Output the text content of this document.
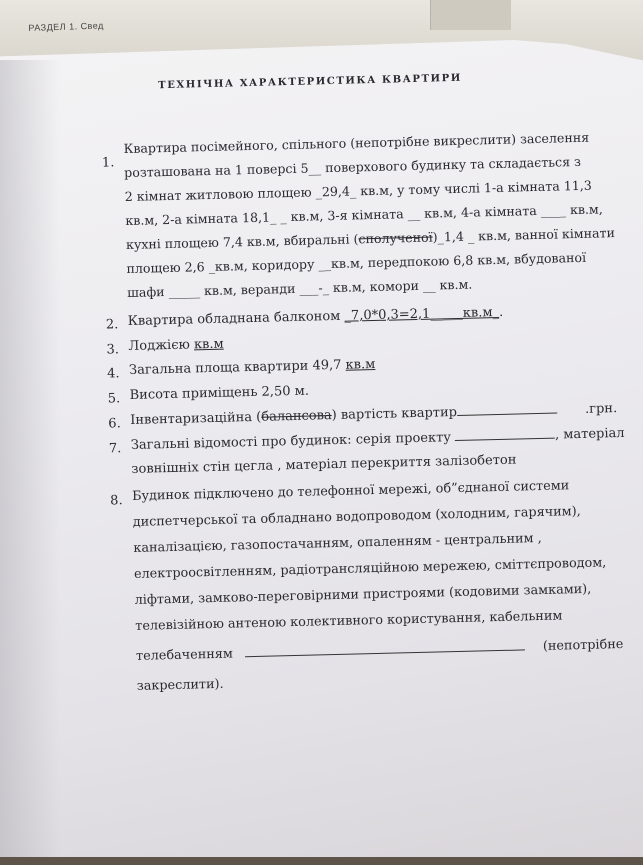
РАЗДЕЛ 1. Свед
ТЕХНІЧНА ХАРАКТЕРИСТИКА КВАРТИРИ
1.
Квартира посімейного, спільного (непотрібне викреслити) заселення
розташована на 1 поверсі 5__ поверхового будинку та складається з
2 кімнат житловою площею _29,4_ кв.м, у тому числі 1-а кімната 11,3
кв.м, 2-а кімната 18,1_ _ кв.м, 3-я кімната __ кв.м, 4-а кімната ____ кв.м,
кухні площею 7,4 кв.м, вбиральні (сполученої)_1,4 _ кв.м, ванної кімнати
площею 2,6 _кв.м, коридору __кв.м, передпокою 6,8 кв.м, вбудованої
шафи _____ кв.м, веранди ___-_ кв.м, комори __ кв.м.
2. Квартира обладнана балконом _7,0*0,3=2,1_____кв.м_.
3. Лоджією кв.м
4. Загальна площа квартири 49,7 кв.м
5. Висота приміщень 2,50 м.
6. Інвентаризаційна (балансова) вартість квартир	.грн.
7. Загальні відомості про будинок: серія проекту	, матеріал
зовнішніх стін цегла , матеріал перекриття залізобетон
8. Будинок підключено до телефонної мережі, об”єднаної системи
диспетчерської та обладнано водопроводом (холодним, гарячим),
каналізацією, газопостачанням, опаленням - центральним ,
електроосвітленням, радіотрансляційною мережею, сміттєпроводом,
ліфтами, замково-переговірними пристроями (кодовими замками),
телевізійною антеною колективного користування, кабельним
телебаченням  (непотрібне
закреслити).
